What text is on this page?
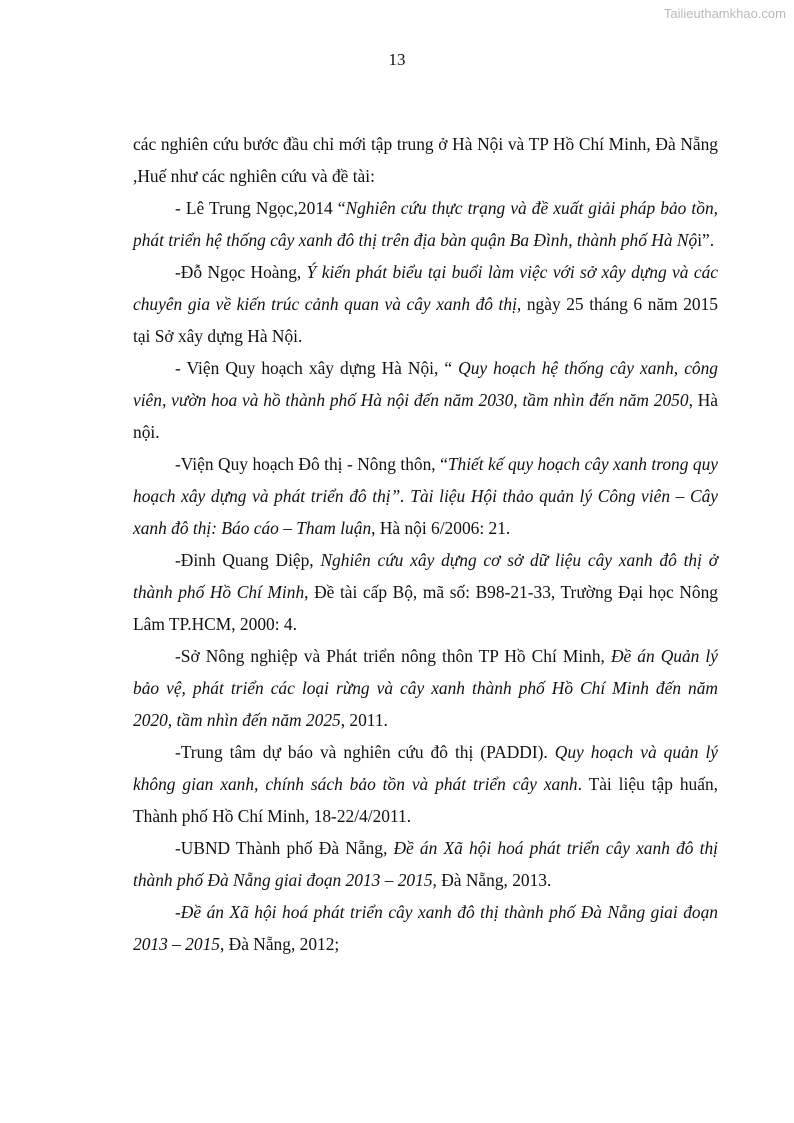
Tailieuthamkhao.com
13

các nghiên cứu bước đầu chỉ mới tập trung ở Hà Nội và TP Hồ Chí Minh, Đà Nẵng ,Huế như các nghiên cứu và đề tài:

- Lê Trung Ngọc,2014 “Nghiên cứu thực trạng và đề xuất giải pháp bảo tồn, phát triển hệ thống cây xanh đô thị trên địa bàn quận Ba Đình, thành phố Hà Nội”.

-Đỗ Ngọc Hoàng, Ý kiến phát biểu tại buổi làm việc với sở xây dựng và các chuyên gia về kiến trúc cảnh quan và cây xanh đô thị, ngày 25 tháng 6 năm 2015 tại Sở xây dựng Hà Nội.

- Viện Quy hoạch xây dựng Hà Nội, “ Quy hoạch hệ thống cây xanh, công viên, vườn hoa và hồ thành phố Hà nội đến năm 2030, tầm nhìn đến năm 2050, Hà nội.

-Viện Quy hoạch Đô thị - Nông thôn, “Thiết kế quy hoạch cây xanh trong quy hoạch xây dựng và phát triển đô thị”. Tài liệu Hội thảo quản lý Công viên – Cây xanh đô thị: Báo cáo – Tham luận, Hà nội 6/2006: 21.

-Đinh Quang Diệp, Nghiên cứu xây dựng cơ sở dữ liệu cây xanh đô thị ở thành phố Hồ Chí Minh, Đề tài cấp Bộ, mã số: B98-21-33, Trường Đại học Nông Lâm TP.HCM, 2000: 4.

-Sở Nông nghiệp và Phát triển nông thôn TP Hồ Chí Minh, Đề án Quản lý bảo vệ, phát triển các loại rừng và cây xanh thành phố Hồ Chí Minh đến năm 2020, tầm nhìn đến năm 2025, 2011.

-Trung tâm dự báo và nghiên cứu đô thị (PADDI). Quy hoạch và quản lý không gian xanh, chính sách bảo tồn và phát triển cây xanh. Tài liệu tập huấn, Thành phố Hồ Chí Minh, 18-22/4/2011.

-UBND Thành phố Đà Nẵng, Đề án Xã hội hoá phát triển cây xanh đô thị thành phố Đà Nẵng giai đoạn 2013 – 2015, Đà Nẵng, 2013.

-Đề án Xã hội hoá phát triển cây xanh đô thị thành phố Đà Nẵng giai đoạn 2013 – 2015, Đà Nẵng, 2012;
